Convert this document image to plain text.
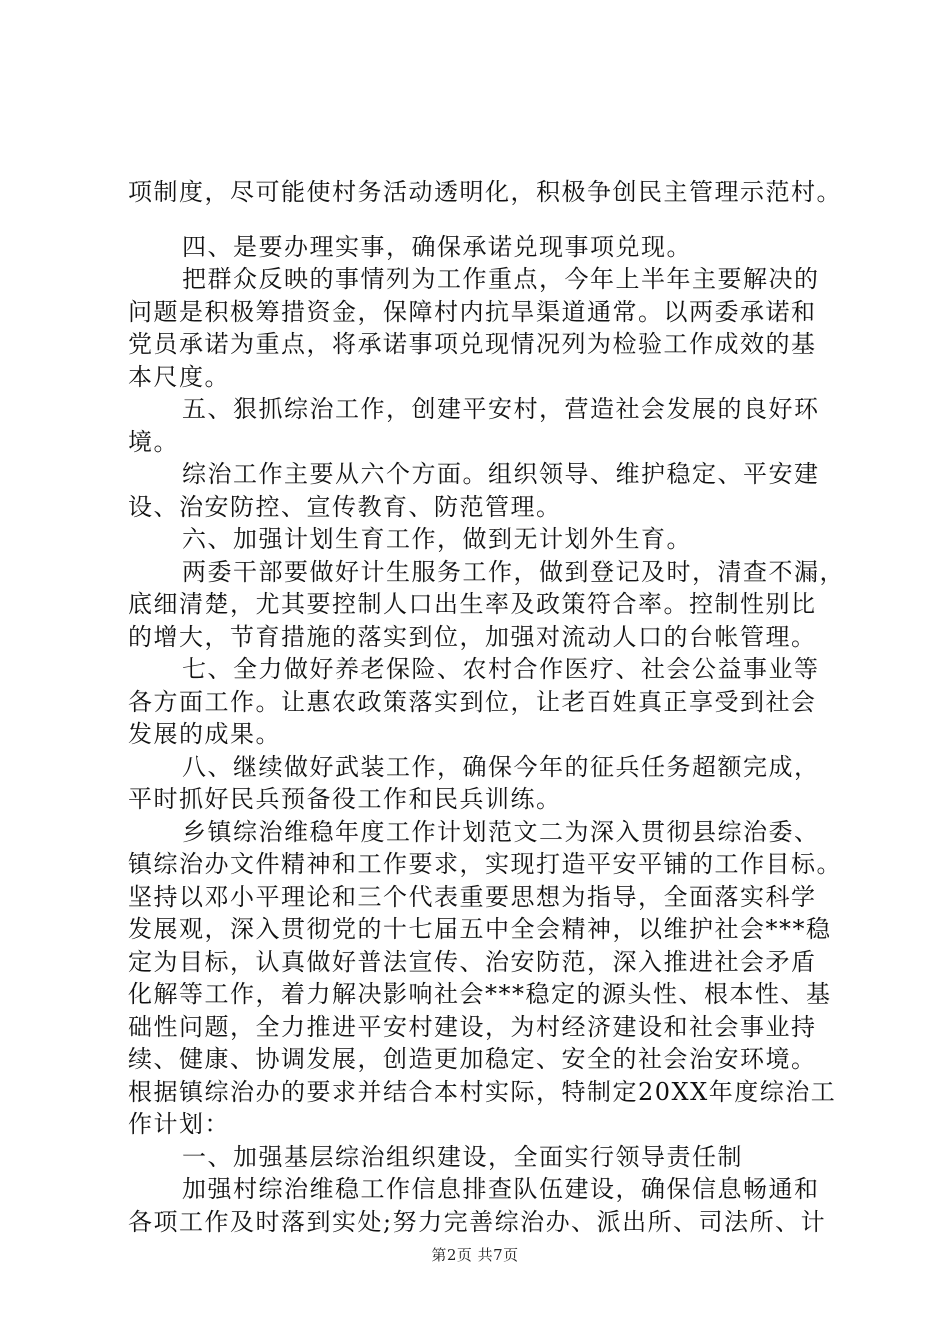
项制度，尽可能使村务活动透明化，积极争创民主管理示范村。
四、是要办理实事，确保承诺兑现事项兑现。
把群众反映的事情列为工作重点，今年上半年主要解决的
问题是积极筹措资金，保障村内抗旱渠道通常。以两委承诺和
党员承诺为重点，将承诺事项兑现情况列为检验工作成效的基
本尺度。
五、狠抓综治工作，创建平安村，营造社会发展的良好环
境。
综治工作主要从六个方面。组织领导、维护稳定、平安建
设、治安防控、宣传教育、防范管理。
六、加强计划生育工作，做到无计划外生育。
两委干部要做好计生服务工作，做到登记及时，清查不漏，
底细清楚，尤其要控制人口出生率及政策符合率。控制性别比
的增大，节育措施的落实到位，加强对流动人口的台帐管理。
七、全力做好养老保险、农村合作医疗、社会公益事业等
各方面工作。让惠农政策落实到位，让老百姓真正享受到社会
发展的成果。
八、继续做好武装工作，确保今年的征兵任务超额完成，
平时抓好民兵预备役工作和民兵训练。
乡镇综治维稳年度工作计划范文二为深入贯彻县综治委、
镇综治办文件精神和工作要求，实现打造平安平铺的工作目标。
坚持以邓小平理论和三个代表重要思想为指导，全面落实科学
发展观，深入贯彻党的十七届五中全会精神，以维护社会***稳
定为目标，认真做好普法宣传、治安防范，深入推进社会矛盾
化解等工作，着力解决影响社会***稳定的源头性、根本性、基
础性问题，全力推进平安村建设，为村经济建设和社会事业持
续、健康、协调发展，创造更加稳定、安全的社会治安环境。
根据镇综治办的要求并结合本村实际，特制定20XX年度综治工
作计划：
一、加强基层综治组织建设，全面实行领导责任制
加强村综治维稳工作信息排查队伍建设，确保信息畅通和
各项工作及时落到实处;努力完善综治办、派出所、司法所、计
第2页 共7页
